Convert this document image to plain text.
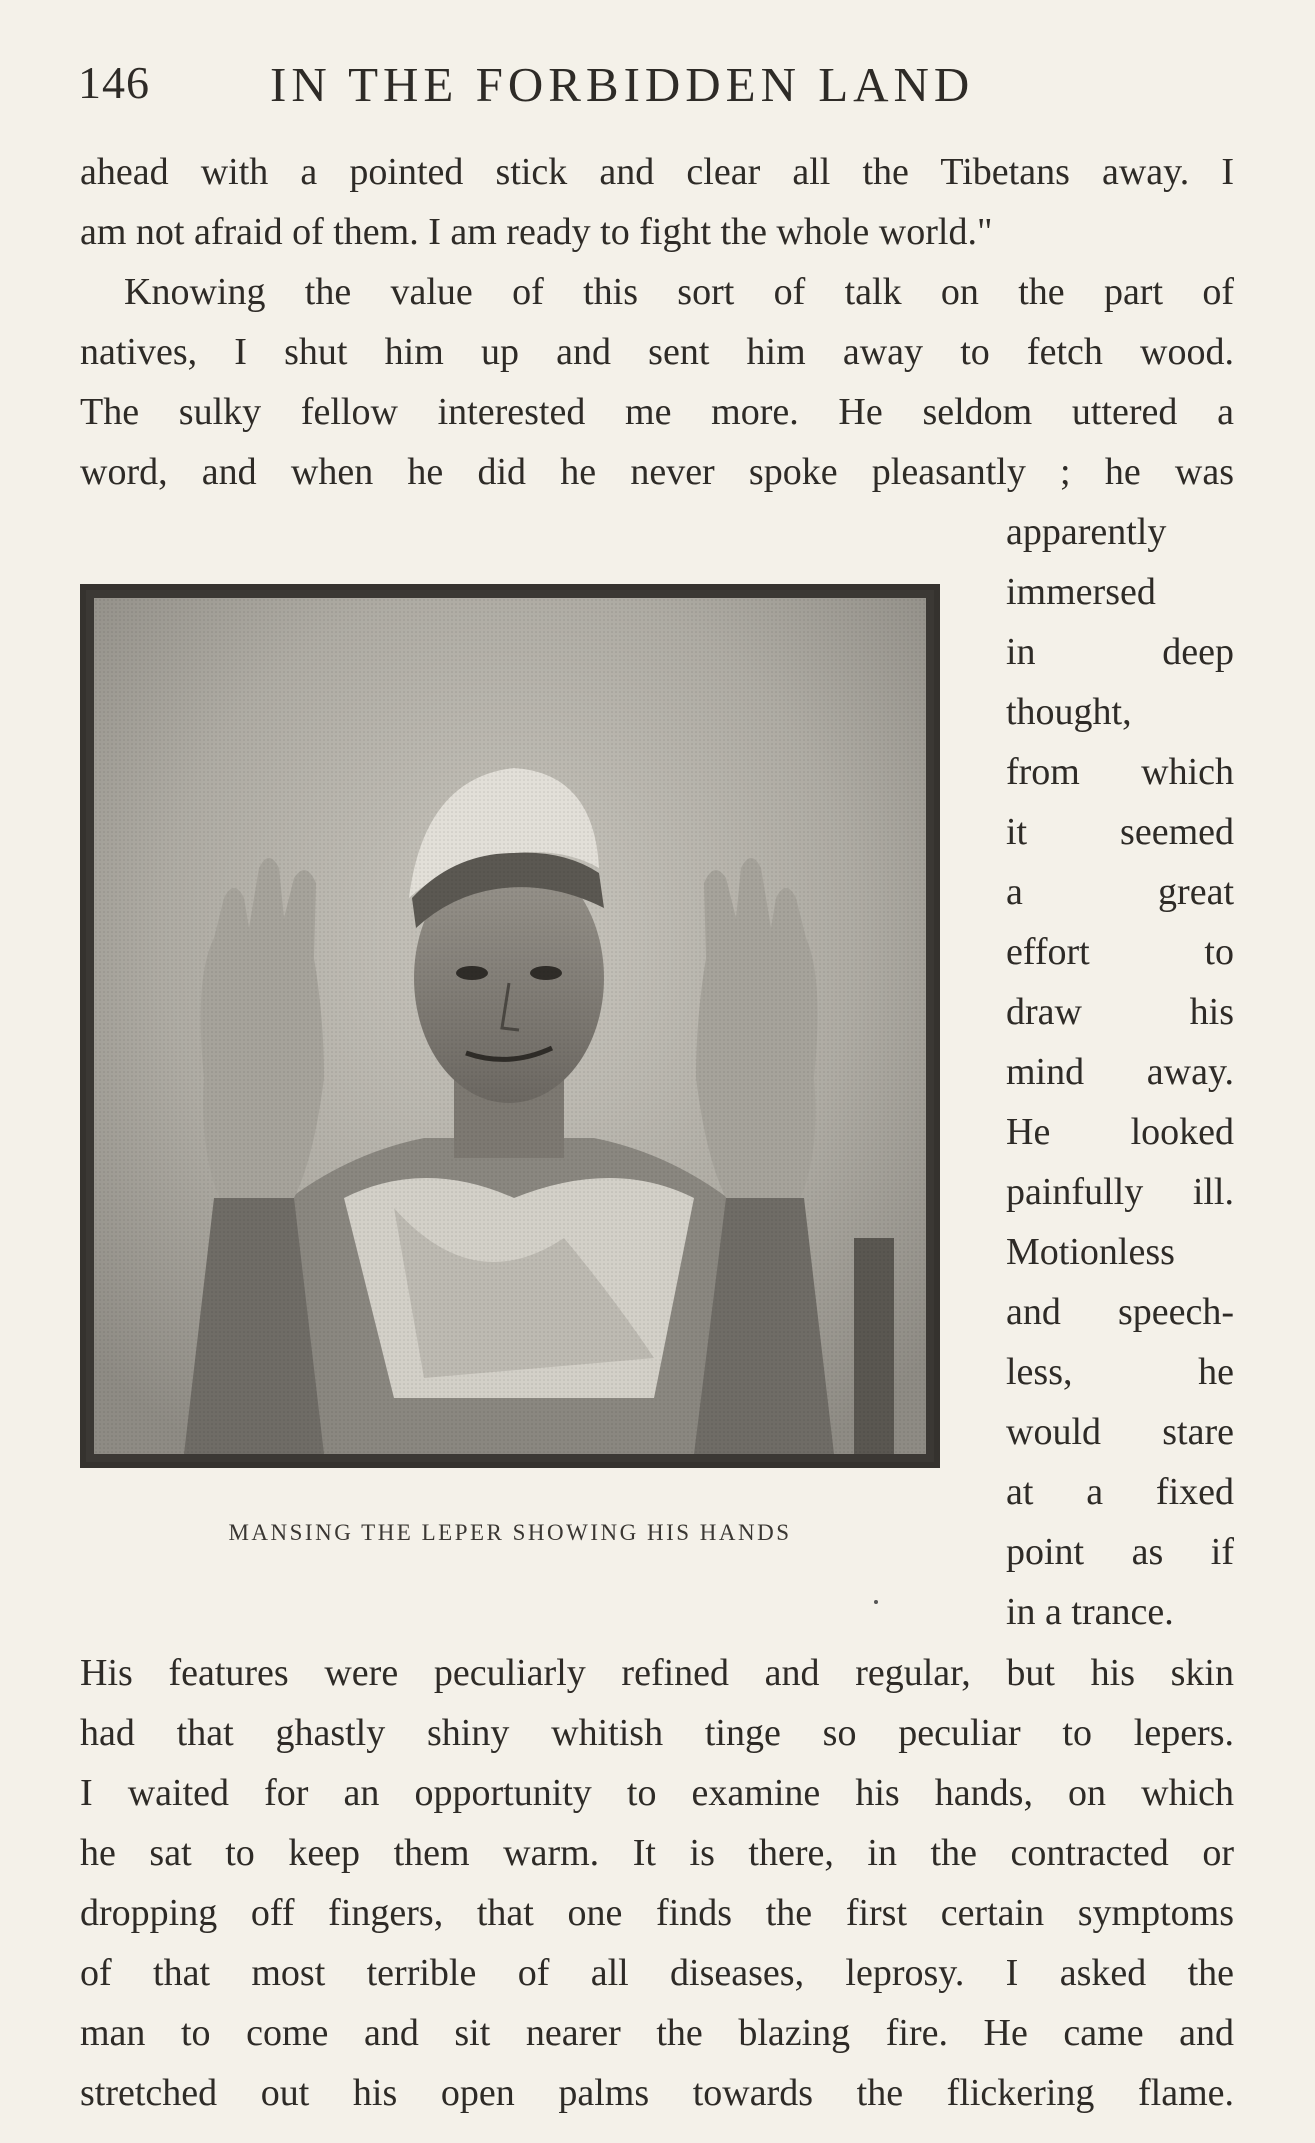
146 IN THE FORBIDDEN LAND
ahead with a pointed stick and clear all the Tibetans away. I
am not afraid of them. I am ready to fight the whole world."
Knowing the value of this sort of talk on the part of
natives, I shut him up and sent him away to fetch wood.
The sulky fellow interested me more. He seldom uttered a
word, and when he did he never spoke pleasantly ; he was
apparently
immersed
in deep
thought,
from which
it seemed
a great
effort to
draw his
mind away.
He looked
painfully ill.
Motionless
and speech-
less, he
would stare
at a fixed
point as if
in a trance.
MANSING THE LEPER SHOWING HIS HANDS
His features were peculiarly refined and regular, but his skin
had that ghastly shiny whitish tinge so peculiar to lepers.
I waited for an opportunity to examine his hands, on which
he sat to keep them warm. It is there, in the contracted or
dropping off fingers, that one finds the first certain symptoms
of that most terrible of all diseases, leprosy. I asked the
man to come and sit nearer the blazing fire. He came and
stretched out his open palms towards the flickering flame.
